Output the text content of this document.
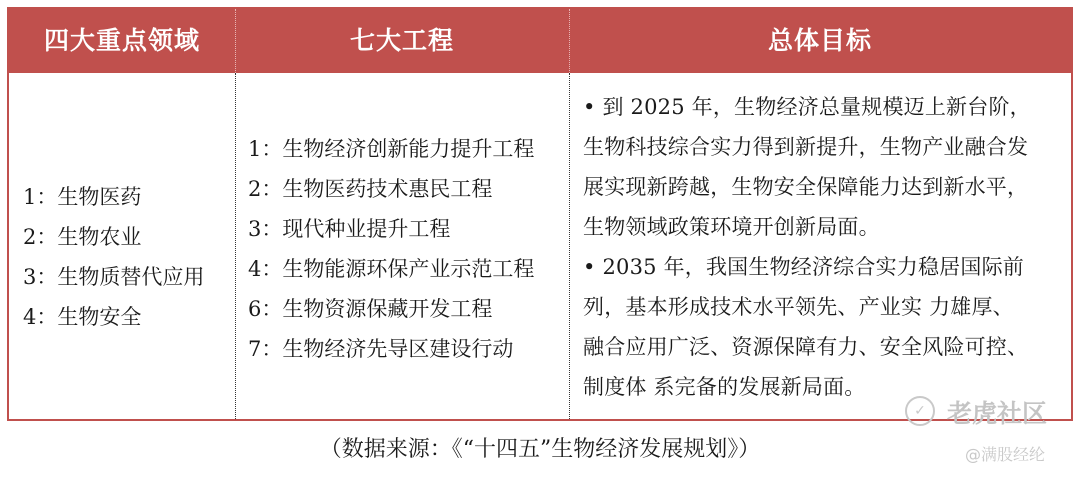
四大重点领域	七大工程	总体目标
1：生物医药
2：生物农业
3：生物质替代应用
4：生物安全
1：生物经济创新能力提升工程
2：生物医药技术惠民工程
3：现代种业提升工程
4：生物能源环保产业示范工程
6：生物资源保藏开发工程
7：生物经济先导区建设行动
• 到 2025 年，生物经济总量规模迈上新台阶，
生物科技综合实力得到新提升，生物产业融合发
展实现新跨越，生物安全保障能力达到新水平，
生物领域政策环境开创新局面。
• 2035 年，我国生物经济综合实力稳居国际前
列，基本形成技术水平领先、产业实 力雄厚、
融合应用广泛、资源保障有力、安全风险可控、
制度体 系完备的发展新局面。
✓ 老虎社区
@满股经纶
（数据来源：《“十四五”生物经济发展规划》）
